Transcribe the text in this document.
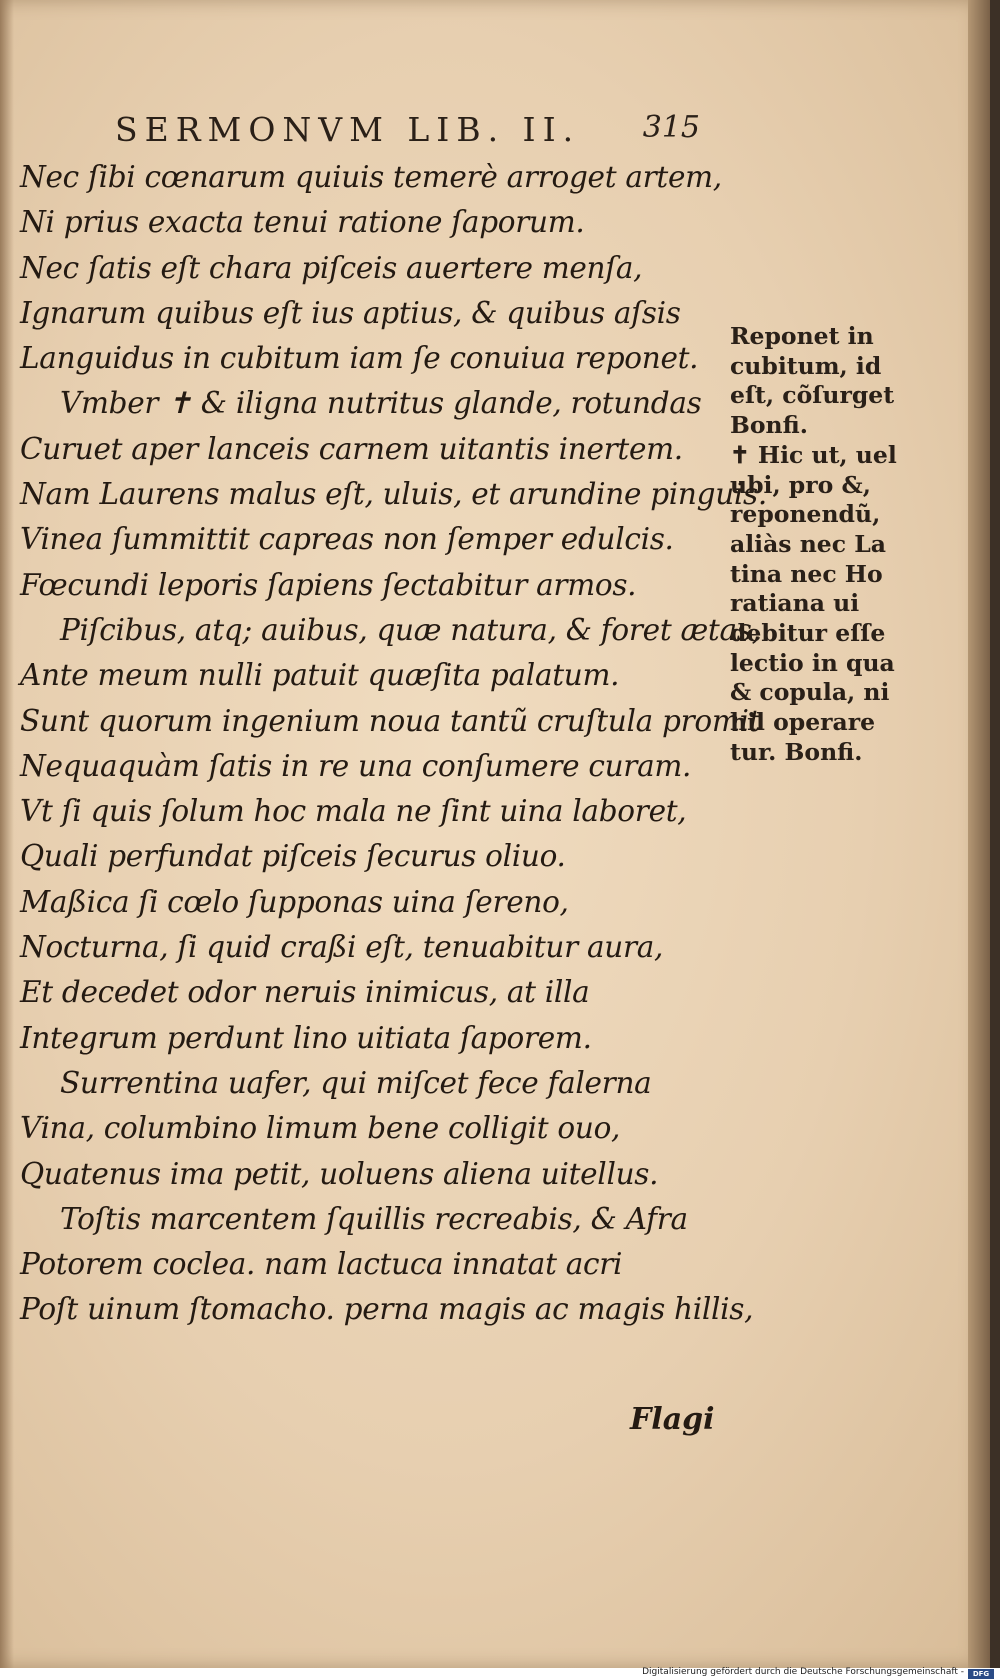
SERMONVM LIB. II. 315
Nec ſibi cœnarum quiuis temerè arroget artem,
Ni prius exacta tenui ratione ſaporum.
Nec ſatis eſt chara piſceis auertere menſa,
Ignarum quibus eſt ius aptius, & quibus aſsis
Languidus in cubitum iam ſe conuiua reponet.
Vmber ✝ & iligna nutritus glande, rotundas
Curuet aper lanceis carnem uitantis inertem.
Nam Laurens malus eſt, uluis, et arundine pinguis.
Vinea ſummittit capreas non ſemper edulcis.
Fœcundi leporis ſapiens ſectabitur armos.
Piſcibus, atq; auibus, quæ natura, & foret ætas,
Ante meum nulli patuit quæſita palatum.
Sunt quorum ingenium noua tantũ cruſtula promit
Nequaquàm ſatis in re una conſumere curam.
Vt ſi quis ſolum hoc mala ne ſint uina laboret,
Quali perfundat piſceis ſecurus oliuo.
Maßica ſi cœlo ſupponas uina ſereno,
Nocturna, ſi quid craßi eſt, tenuabitur aura,
Et decedet odor neruis inimicus, at illa
Integrum perdunt lino uitiata ſaporem.
Surrentina uafer, qui miſcet fece falerna
Vina, columbino limum bene colligit ouo,
Quatenus ima petit, uoluens aliena uitellus.
Toſtis marcentem ſquillis recreabis, & Afra
Potorem coclea. nam lactuca innatat acri
Poſt uinum ſtomacho. perna magis ac magis hillis,
Flagi
Reponet in
cubitum, id
eſt, cõſurget
Bonfi.
✝ Hic ut, uel
ubi, pro &,
reponendũ,
aliàs nec La
tina nec Ho
ratiana ui
debitur eſſe
lectio in qua
& copula, ni
hil operare
tur. Bonfi.
Digitalisierung gefördert durch die Deutsche Forschungsgemeinschaft -	DFG
